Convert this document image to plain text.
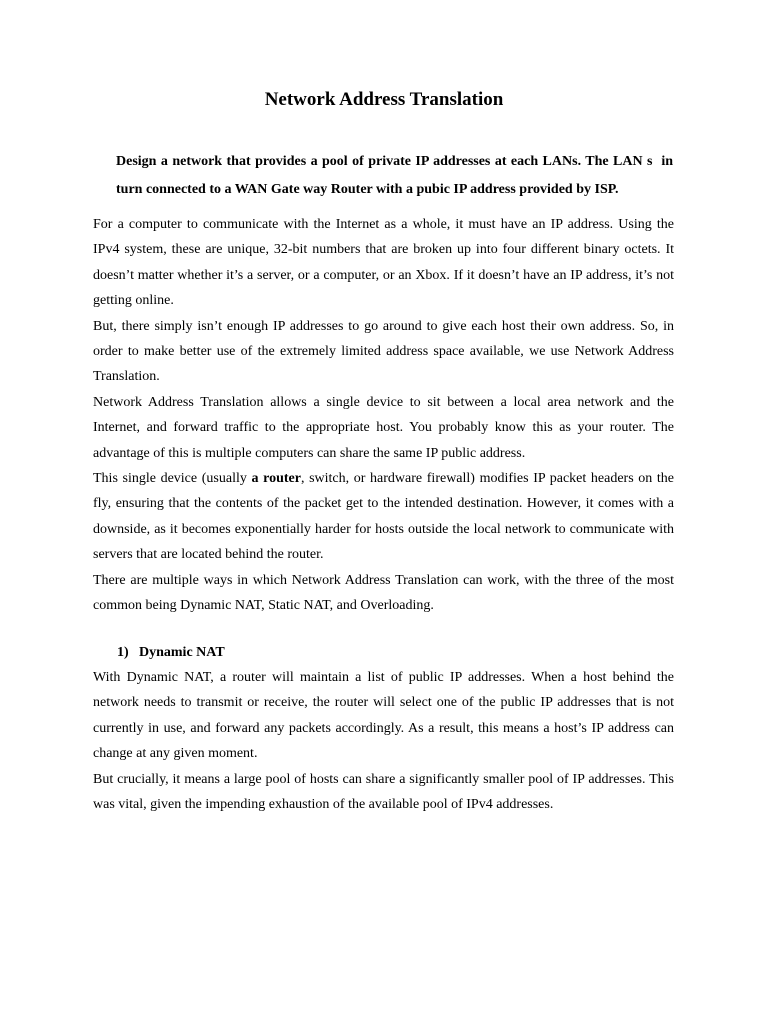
Network Address Translation
Design a network that provides a pool of private IP addresses at each LANs. The LAN s  in
turn connected to a WAN Gate way Router with a pubic IP address provided by ISP.

For a computer to communicate with the Internet as a whole, it must have an IP address. Using the IPv4 system, these are unique, 32-bit numbers that are broken up into four different binary octets. It doesn’t matter whether it’s a server, or a computer, or an Xbox. If it doesn’t have an IP address, it’s not getting online.

But, there simply isn’t enough IP addresses to go around to give each host their own address. So, in order to make better use of the extremely limited address space available, we use Network Address Translation.

Network Address Translation allows a single device to sit between a local area network and the Internet, and forward traffic to the appropriate host. You probably know this as your router. The advantage of this is multiple computers can share the same IP public address.

This single device (usually a router, switch, or hardware firewall) modifies IP packet headers on the fly, ensuring that the contents of the packet get to the intended destination. However, it comes with a downside, as it becomes exponentially harder for hosts outside the local network to communicate with servers that are located behind the router.

There are multiple ways in which Network Address Translation can work, with the three of the most common being Dynamic NAT, Static NAT, and Overloading.

1) Dynamic NAT

With Dynamic NAT, a router will maintain a list of public IP addresses. When a host behind the network needs to transmit or receive, the router will select one of the public IP addresses that is not currently in use, and forward any packets accordingly. As a result, this means a host’s IP address can change at any given moment.

But crucially, it means a large pool of hosts can share a significantly smaller pool of IP addresses. This was vital, given the impending exhaustion of the available pool of IPv4 addresses.
